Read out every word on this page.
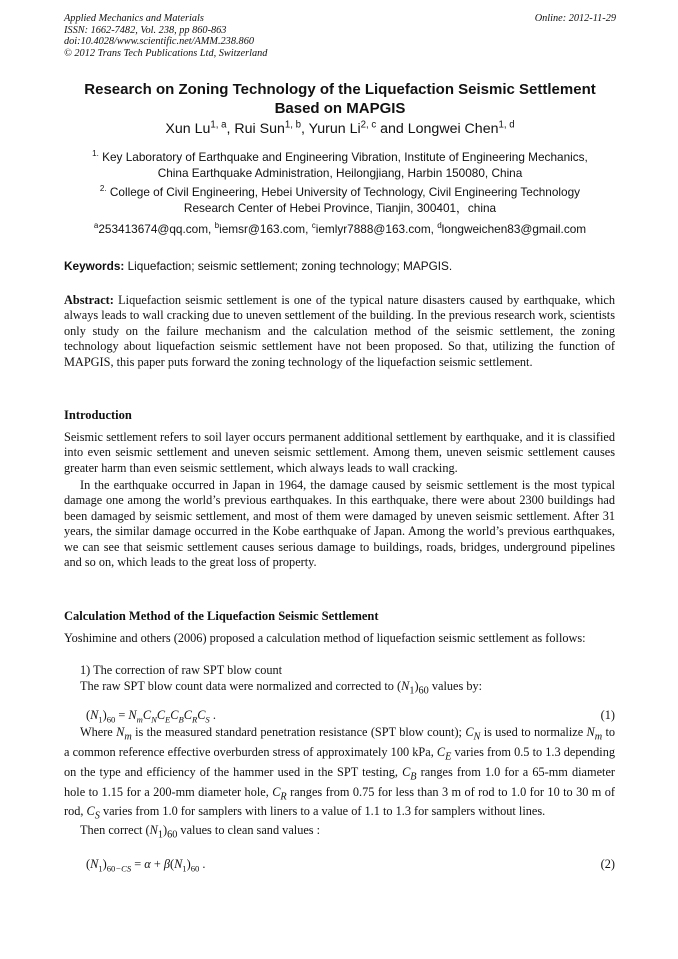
Applied Mechanics and Materials
ISSN: 1662-7482, Vol. 238, pp 860-863
doi:10.4028/www.scientific.net/AMM.238.860
© 2012 Trans Tech Publications Ltd, Switzerland
Online: 2012-11-29
Research on Zoning Technology of the Liquefaction Seismic Settlement
Based on MAPGIS
Xun Lu$^{1, a}$, Rui Sun$^{1, b}$, Yurun Li$^{2, c}$ and Longwei Chen$^{1, d}$
$^{1.}$ Key Laboratory of Earthquake and Engineering Vibration, Institute of Engineering Mechanics,
China Earthquake Administration, Heilongjiang, Harbin 150080, China
$^{2.}$ College of Civil Engineering, Hebei University of Technology, Civil Engineering Technology
Research Center of Hebei Province, Tianjin, 300401，china
$^a$253413674@qq.com, $^b$iemsr@163.com, $^c$iemlyr7888@163.com, $^d$longweichen83@gmail.com
Keywords: Liquefaction; seismic settlement; zoning technology; MAPGIS.
Abstract: Liquefaction seismic settlement is one of the typical nature disasters caused by earthquake, which always leads to wall cracking due to uneven settlement of the building. In the previous research work, scientists only study on the failure mechanism and the calculation method of the seismic settlement, the zoning technology about liquefaction seismic settlement have not been proposed. So that, utilizing the function of MAPGIS, this paper puts forward the zoning technology of the liquefaction seismic settlement.
Introduction
Seismic settlement refers to soil layer occurs permanent additional settlement by earthquake, and it is classified into even seismic settlement and uneven seismic settlement. Among them, uneven seismic settlement causes greater harm than even seismic settlement, which always leads to wall cracking.
In the earthquake occurred in Japan in 1964, the damage caused by seismic settlement is the most typical damage one among the world’s previous earthquakes. In this earthquake, there were about 2300 buildings had been damaged by seismic settlement, and most of them were damaged by uneven seismic settlement. After 31 years, the similar damage occurred in the Kobe earthquake of Japan. Among the world’s previous earthquakes, we can see that seismic settlement causes serious damage to buildings, roads, bridges, underground pipelines and so on, which leads to the great loss of property.
Calculation Method of the Liquefaction Seismic Settlement
Yoshimine and others (2006) proposed a calculation method of liquefaction seismic settlement as follows:
1) The correction of raw SPT blow count
The raw SPT blow count data were normalized and corrected to $(N_1)_{60}$ values by:
$(N_1)_{60} = N_mC_NC_EC_BC_RC_S$ .	(1)
Where $N_m$ is the measured standard penetration resistance (SPT blow count); $C_N$ is used to normalize $N_m$ to a common reference effective overburden stress of approximately 100 kPa, $C_E$ varies from 0.5 to 1.3 depending on the type and efficiency of the hammer used in the SPT testing, $C_B$ ranges from 1.0 for a 65-mm diameter hole to 1.15 for a 200-mm diameter hole, $C_R$ ranges from 0.75 for less than 3 m of rod to 1.0 for 10 to 30 m of rod, $C_S$ varies from 1.0 for samplers with liners to a value of 1.1 to 1.3 for samplers without lines.
Then correct $(N_1)_{60}$ values to clean sand values :
$(N_1)_{60-CS} = \alpha + \beta(N_1)_{60}$ .	(2)
